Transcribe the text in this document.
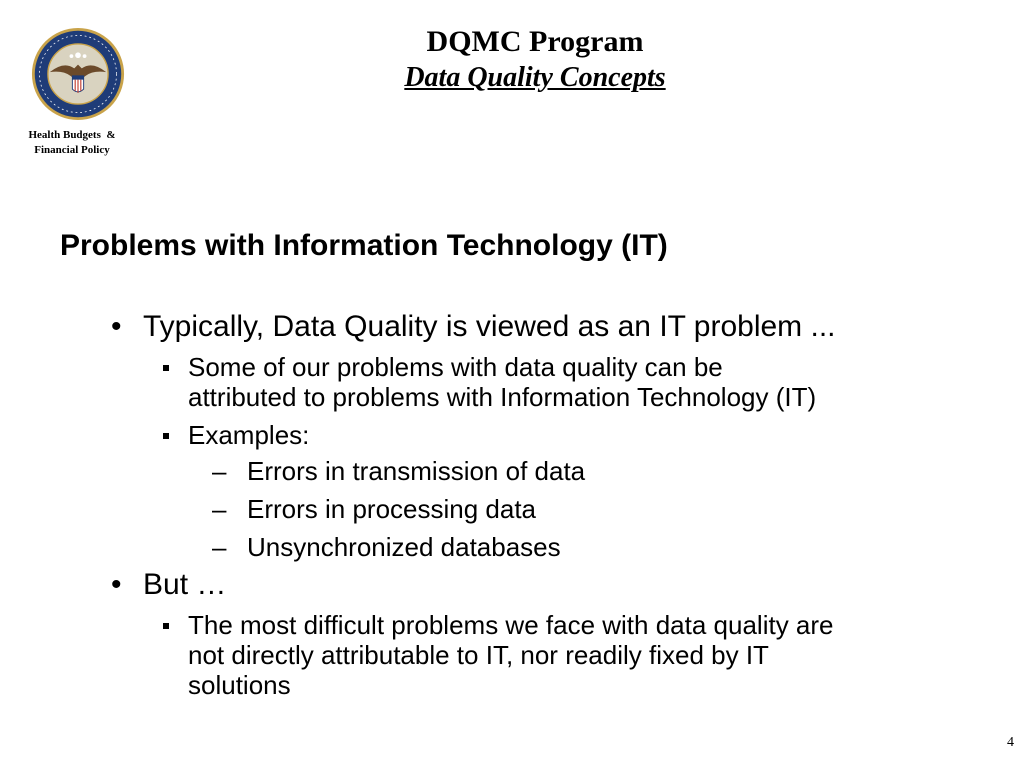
Health Budgets  &
Financial Policy
DQMC Program
Data Quality Concepts
Problems with Information Technology (IT)
• Typically, Data Quality is viewed as an IT problem ...
Some of our problems with data quality can be
attributed to problems with Information Technology (IT)
Examples:
– Errors in transmission of data
– Errors in processing data
– Unsynchronized databases
• But …
The most difficult problems we face with data quality are
not directly attributable to IT, nor readily fixed by IT
solutions
4
